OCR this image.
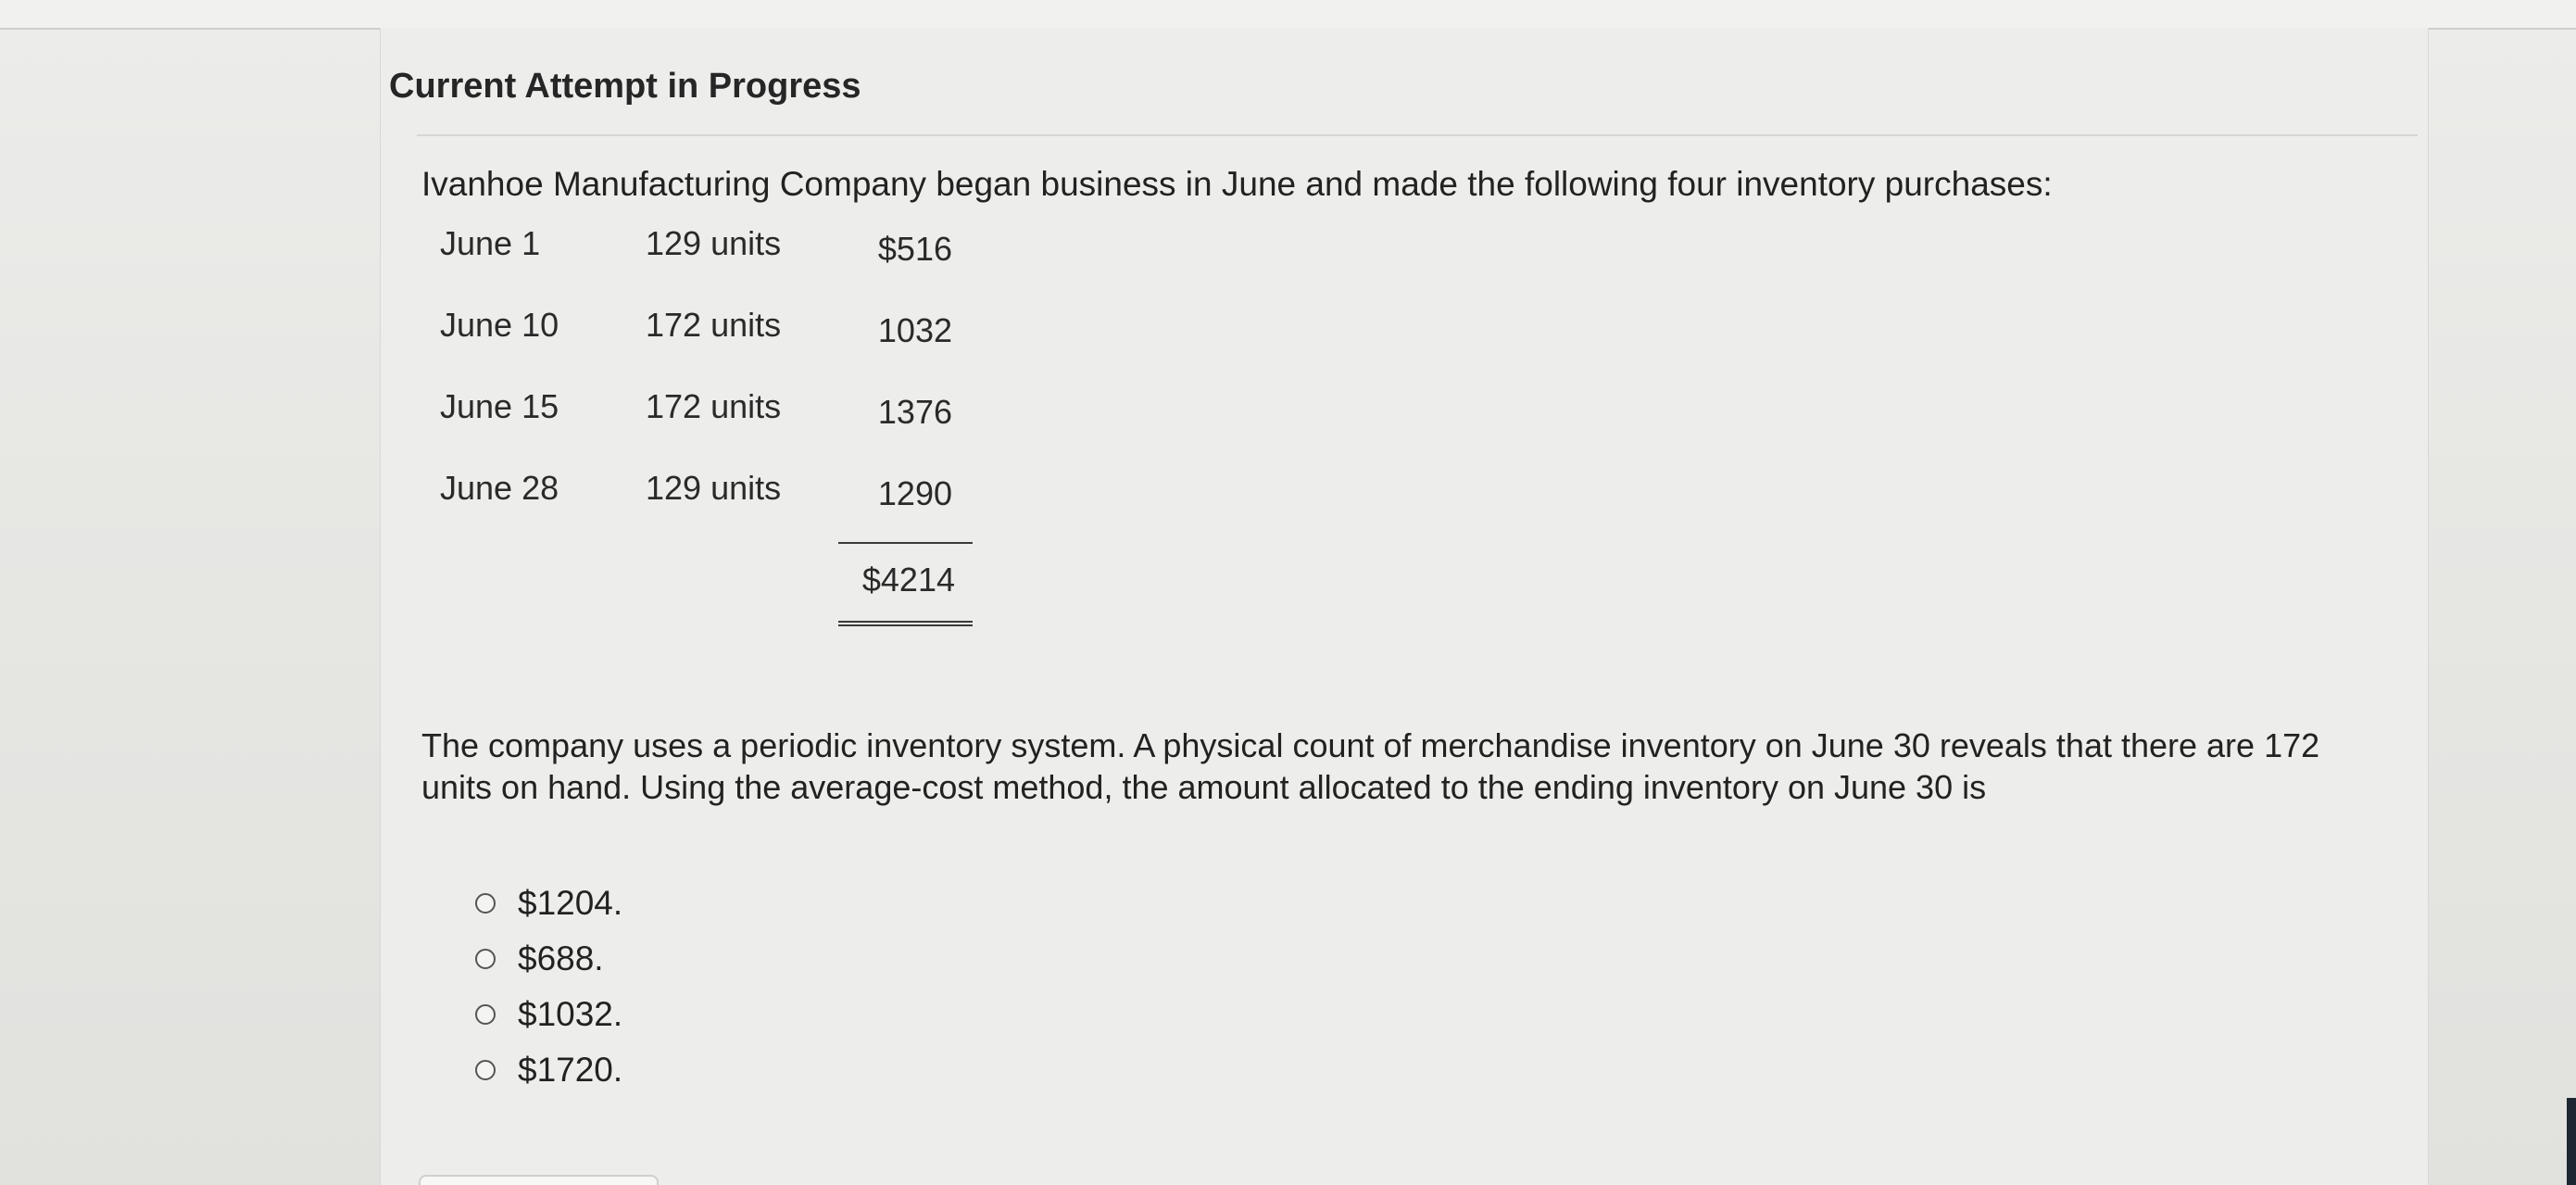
Current Attempt in Progress
Ivanhoe Manufacturing Company began business in June and made the following four inventory purchases:
June 1	129 units	$516
June 10	172 units	1032
June 15	172 units	1376
June 28	129 units	1290
$4214
The company uses a periodic inventory system. A physical count of merchandise inventory on June 30 reveals that there are 172 units on hand. Using the average-cost method, the amount allocated to the ending inventory on June 30 is
$1204.
$688.
$1032.
$1720.
